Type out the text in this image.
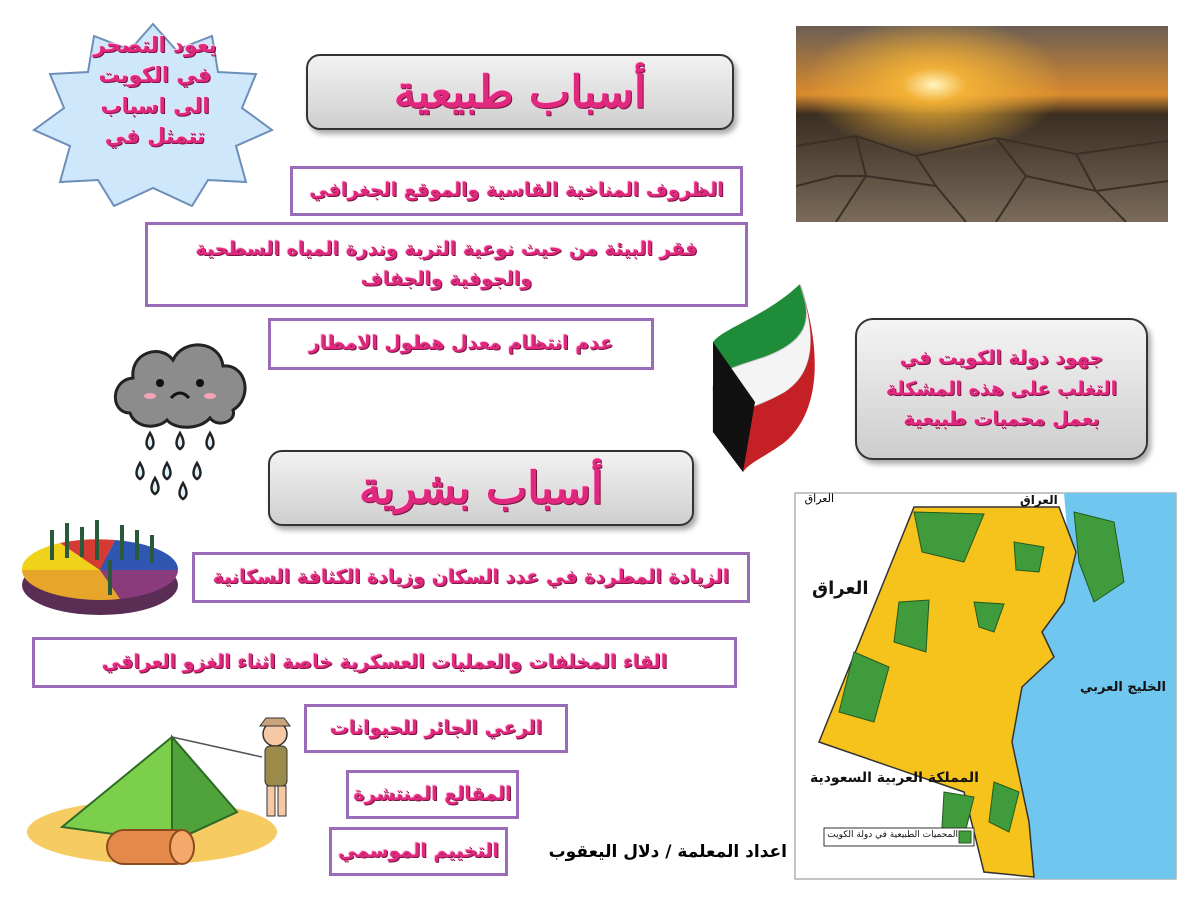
يعود التصحر في الكويت الى اسباب تتمثل في
أسباب طبيعية
الظروف المناخية القاسية والموقع الجغرافي
فقر البيئة من حيث نوعية التربة وندرة المياه السطحية والجوفية والجفاف
عدم انتظام معدل هطول الامطار
جهود دولة الكويت في التغلب على هذه المشكلة بعمل محميات طبيعية
أسباب بشرية
الزيادة المطردة في عدد السكان وزيادة الكثافة السكانية
القاء المخلفات والعمليات العسكرية خاصة اثناء الغزو العراقي
الرعي الجائر للحيوانات
المقالع المنتشرة
التخييم الموسمي	اعداد المعلمة / دلال اليعقوب
العراق	العراق
العراق
الخليج العربي
المملكة العربية السعودية
المحميات الطبيعية في دولة الكويت
